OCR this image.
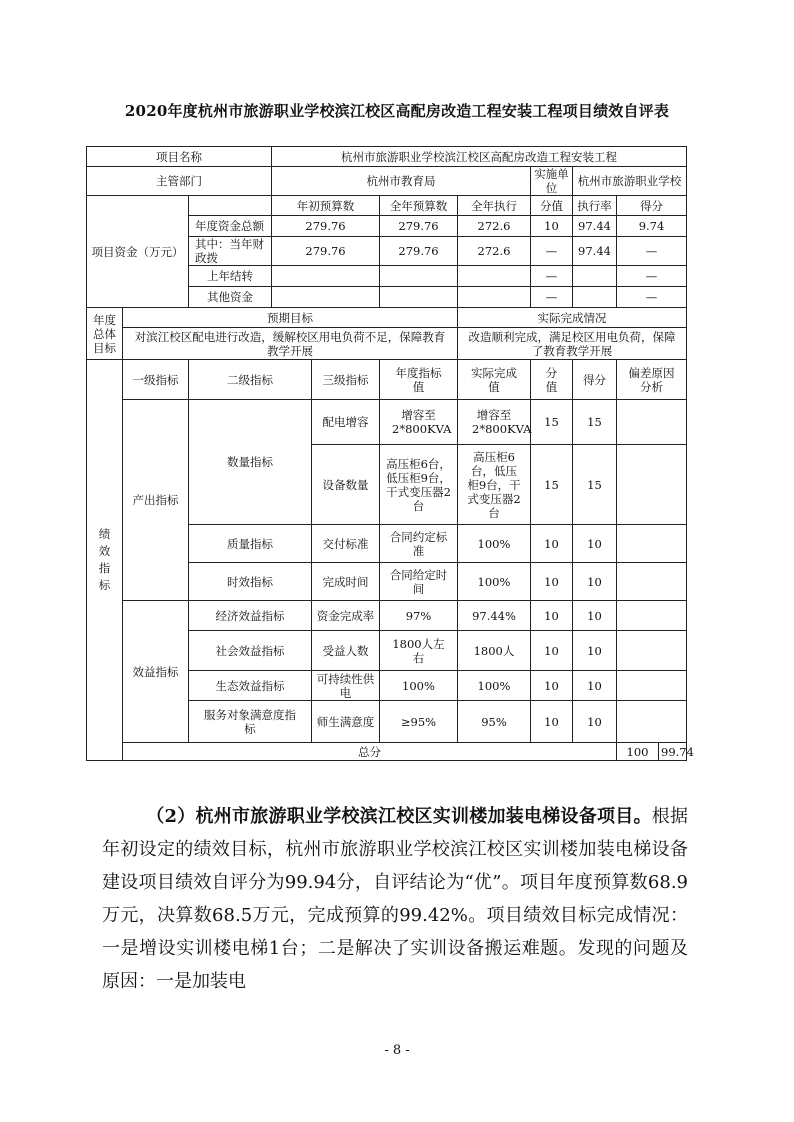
2020年度杭州市旅游职业学校滨江校区高配房改造工程安装工程项目绩效自评表
项目名称			杭州市旅游职业学校滨江校区高配房改造工程安装工程								
主管部门			杭州市教育局				实施单位	杭州市旅游职业学校			
项目资金（万元）			年初预算数		全年预算数	全年执行	分值	执行率	得分		
		年度资金总额	279.76		279.76	272.6	10	97.44	9.74		
		其中：当年财政拨	279.76		279.76	272.6	—	97.44	—		
		上年结转					—		—		
		其他资金					—		—		
年度总体目标	预期目标					实际完成情况					
	对滨江校区配电进行改造，缓解校区用电负荷不足，保障教育教学开展					改造顺利完成，满足校区用电负荷，保障了教育教学开展					
绩效指标	一级指标	二级指标		三级指标	年度指标值	实际完成值	分值	得分	偏差原因分析		
	产出指标	数量指标		配电增容	增容至2*800KVA	增容至2*800KVA	15	15			
				设备数量	高压柜6台，低压柜9台，干式变压器2台	高压柜6台，低压柜9台，干式变压器2台	15	15			
		质量指标		交付标准	合同约定标准	100%	10	10			
		时效指标		完成时间	合同给定时间	100%	10	10			
	效益指标	经济效益指标		资金完成率	97%	97.44%	10	10			
		社会效益指标		受益人数	1800人左右	1800人	10	10			
		生态效益指标		可持续性供电	100%	100%	10	10			
		服务对象满意度指标		师生满意度	≥95%	95%	10	10			
	总分								100	99.74	
（2）杭州市旅游职业学校滨江校区实训楼加装电梯设备项目。根据年初设定的绩效目标，杭州市旅游职业学校滨江校区实训楼加装电梯设备建设项目绩效自评分为99.94分，自评结论为“优”。项目年度预算数68.9万元，决算数68.5万元，完成预算的99.42%。项目绩效目标完成情况：一是增设实训楼电梯1台；二是解决了实训设备搬运难题。发现的问题及原因：一是加装电
- 8 -
